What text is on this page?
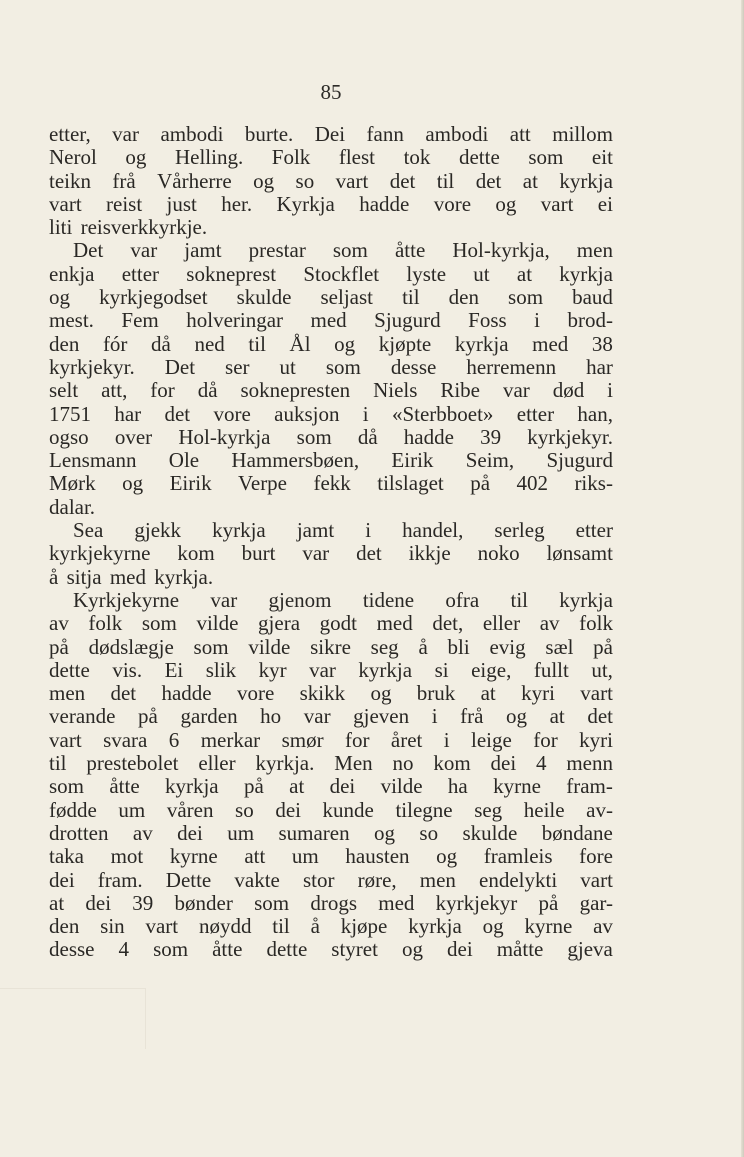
85
etter, var ambodi burte. Dei fann ambodi att millom
Nerol og Helling. Folk flest tok dette som eit
teikn frå Vårherre og so vart det til det at kyrkja
vart reist just her. Kyrkja hadde vore og vart ei
liti reisverkkyrkje.
Det var jamt prestar som åtte Hol-kyrkja, men
enkja etter sokneprest Stockflet lyste ut at kyrkja
og kyrkjegodset skulde seljast til den som baud
mest. Fem holveringar med Sjugurd Foss i brod-
den fór då ned til Ål og kjøpte kyrkja med 38
kyrkjekyr. Det ser ut som desse herremenn har
selt att, for då soknepresten Niels Ribe var død i
1751 har det vore auksjon i «Sterbboet» etter han,
ogso over Hol-kyrkja som då hadde 39 kyrkjekyr.
Lensmann Ole Hammersbøen, Eirik Seim, Sjugurd
Mørk og Eirik Verpe fekk tilslaget på 402 riks-
dalar.
Sea gjekk kyrkja jamt i handel, serleg etter
kyrkjekyrne kom burt var det ikkje noko lønsamt
å sitja med kyrkja.
Kyrkjekyrne var gjenom tidene ofra til kyrkja
av folk som vilde gjera godt med det, eller av folk
på dødslægje som vilde sikre seg å bli evig sæl på
dette vis. Ei slik kyr var kyrkja si eige, fullt ut,
men det hadde vore skikk og bruk at kyri vart
verande på garden ho var gjeven i frå og at det
vart svara 6 merkar smør for året i leige for kyri
til prestebolet eller kyrkja. Men no kom dei 4 menn
som åtte kyrkja på at dei vilde ha kyrne fram-
fødde um våren so dei kunde tilegne seg heile av-
drotten av dei um sumaren og so skulde bøndane
taka mot kyrne att um hausten og framleis fore
dei fram. Dette vakte stor røre, men endelykti vart
at dei 39 bønder som drogs med kyrkjekyr på gar-
den sin vart nøydd til å kjøpe kyrkja og kyrne av
desse 4 som åtte dette styret og dei måtte gjeva
